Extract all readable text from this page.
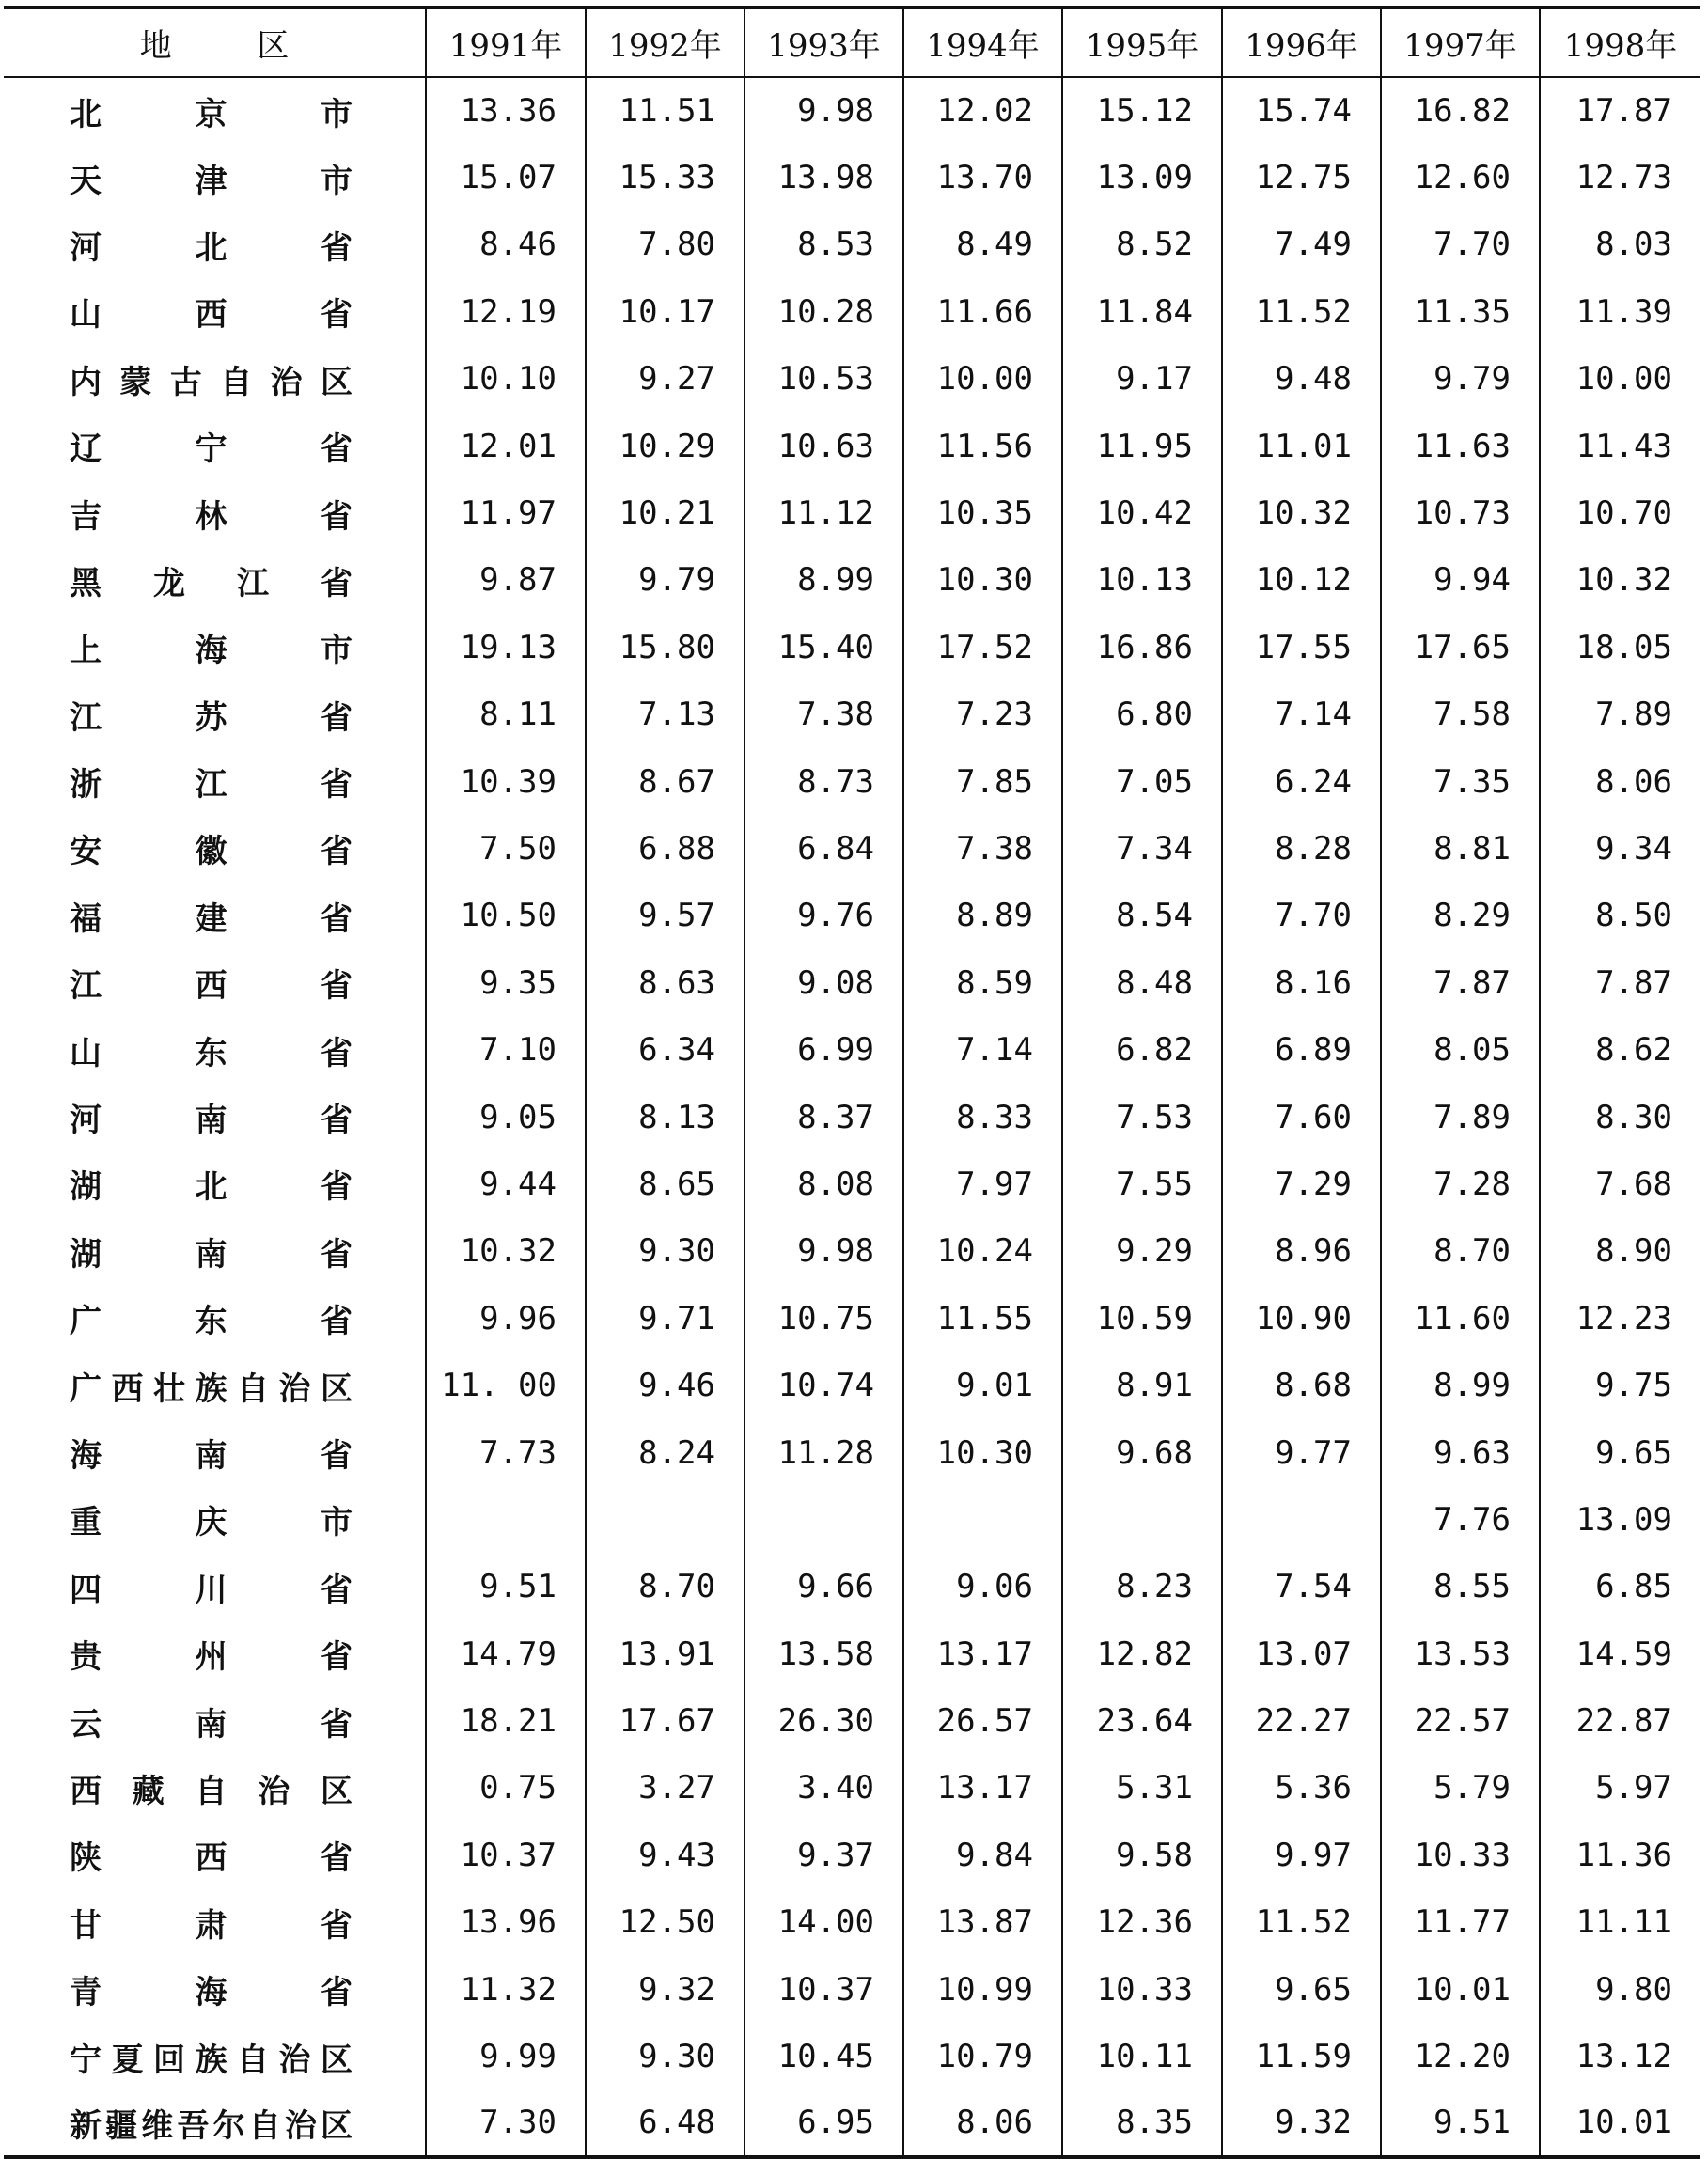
地 区	1991年	1992年	1993年	1994年	1995年	1996年	1997年	1998年

北 京 市	13.36	11.51	9.98	12.02	15.12	15.74	16.82	17.87

天 津 市	15.07	15.33	13.98	13.70	13.09	12.75	12.60	12.73

河 北 省	8.46	7.80	8.53	8.49	8.52	7.49	7.70	8.03

山 西 省	12.19	10.17	10.28	11.66	11.84	11.52	11.35	11.39

内蒙古自治区	10.10	9.27	10.53	10.00	9.17	9.48	9.79	10.00

辽 宁 省	12.01	10.29	10.63	11.56	11.95	11.01	11.63	11.43

吉 林 省	11.97	10.21	11.12	10.35	10.42	10.32	10.73	10.70

黑 龙 江 省	9.87	9.79	8.99	10.30	10.13	10.12	9.94	10.32

上 海 市	19.13	15.80	15.40	17.52	16.86	17.55	17.65	18.05

江 苏 省	8.11	7.13	7.38	7.23	6.80	7.14	7.58	7.89

浙 江 省	10.39	8.67	8.73	7.85	7.05	6.24	7.35	8.06

安 徽 省	7.50	6.88	6.84	7.38	7.34	8.28	8.81	9.34

福 建 省	10.50	9.57	9.76	8.89	8.54	7.70	8.29	8.50

江 西 省	9.35	8.63	9.08	8.59	8.48	8.16	7.87	7.87

山 东 省	7.10	6.34	6.99	7.14	6.82	6.89	8.05	8.62

河 南 省	9.05	8.13	8.37	8.33	7.53	7.60	7.89	8.30

湖 北 省	9.44	8.65	8.08	7.97	7.55	7.29	7.28	7.68

湖 南 省	10.32	9.30	9.98	10.24	9.29	8.96	8.70	8.90

广 东 省	9.96	9.71	10.75	11.55	10.59	10.90	11.60	12.23

广西壮族自治区	11. 00	9.46	10.74	9.01	8.91	8.68	8.99	9.75

海 南 省	7.73	8.24	11.28	10.30	9.68	9.77	9.63	9.65

重 庆 市							7.76	13.09

四 川 省	9.51	8.70	9.66	9.06	8.23	7.54	8.55	6.85

贵 州 省	14.79	13.91	13.58	13.17	12.82	13.07	13.53	14.59

云 南 省	18.21	17.67	26.30	26.57	23.64	22.27	22.57	22.87

西 藏 自 治 区	0.75	3.27	3.40	13.17	5.31	5.36	5.79	5.97

陕 西 省	10.37	9.43	9.37	9.84	9.58	9.97	10.33	11.36

甘 肃 省	13.96	12.50	14.00	13.87	12.36	11.52	11.77	11.11

青 海 省	11.32	9.32	10.37	10.99	10.33	9.65	10.01	9.80

宁夏回族自治区	9.99	9.30	10.45	10.79	10.11	11.59	12.20	13.12

新疆维吾尔自治区	7.30	6.48	6.95	8.06	8.35	9.32	9.51	10.01
